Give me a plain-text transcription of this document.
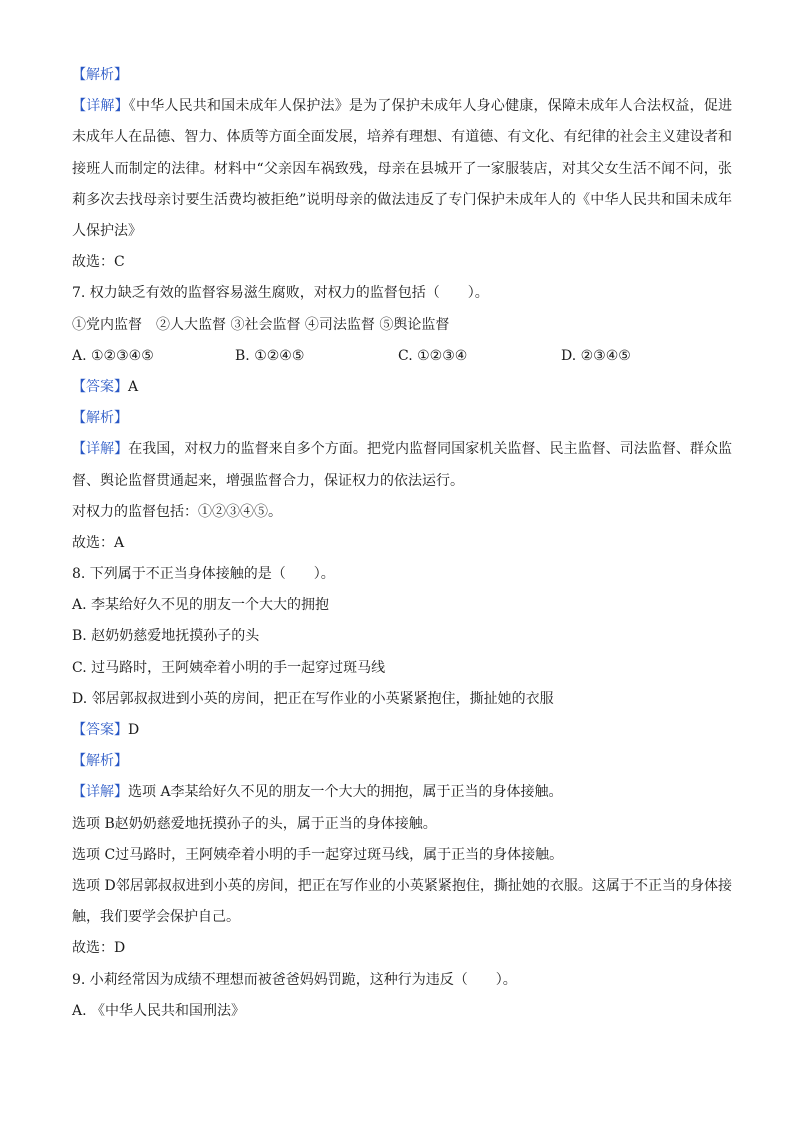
【解析】
【详解】《中华人民共和国未成年人保护法》是为了保护未成年人身心健康，保障未成年人合法权益，促进未成年人在品德、智力、体质等方面全面发展，培养有理想、有道德、有文化、有纪律的社会主义建设者和接班人而制定的法律。材料中“父亲因车祸致残，母亲在县城开了一家服装店，对其父女生活不闻不问，张莉多次去找母亲讨要生活费均被拒绝”说明母亲的做法违反了专门保护未成年人的《中华人民共和国未成年人保护法》
故选：C
7. 权力缺乏有效的监督容易滋生腐败，对权力的监督包括（　　）。
①党内监督　②人大监督 ③社会监督 ④司法监督 ⑤舆论监督
A. ①②③④⑤	B. ①②④⑤	C. ①②③④	D. ②③④⑤
【答案】A
【解析】
【详解】在我国，对权力的监督来自多个方面。把党内监督同国家机关监督、民主监督、司法监督、群众监督、舆论监督贯通起来，增强监督合力，保证权力的依法运行。
对权力的监督包括：①②③④⑤。
故选：A
8. 下列属于不正当身体接触的是（　　）。
A. 李某给好久不见的朋友一个大大的拥抱
B. 赵奶奶慈爱地抚摸孙子的头
C. 过马路时，王阿姨牵着小明的手一起穿过斑马线
D. 邻居郭叔叔进到小英的房间，把正在写作业的小英紧紧抱住，撕扯她的衣服
【答案】D
【解析】
【详解】选项 A李某给好久不见的朋友一个大大的拥抱，属于正当的身体接触。
选项 B赵奶奶慈爱地抚摸孙子的头，属于正当的身体接触。
选项 C过马路时，王阿姨牵着小明的手一起穿过斑马线，属于正当的身体接触。
选项 D邻居郭叔叔进到小英的房间，把正在写作业的小英紧紧抱住，撕扯她的衣服。这属于不正当的身体接触，我们要学会保护自己。
故选：D
9. 小莉经常因为成绩不理想而被爸爸妈妈罚跪，这种行为违反（　　）。
A. 《中华人民共和国刑法》
